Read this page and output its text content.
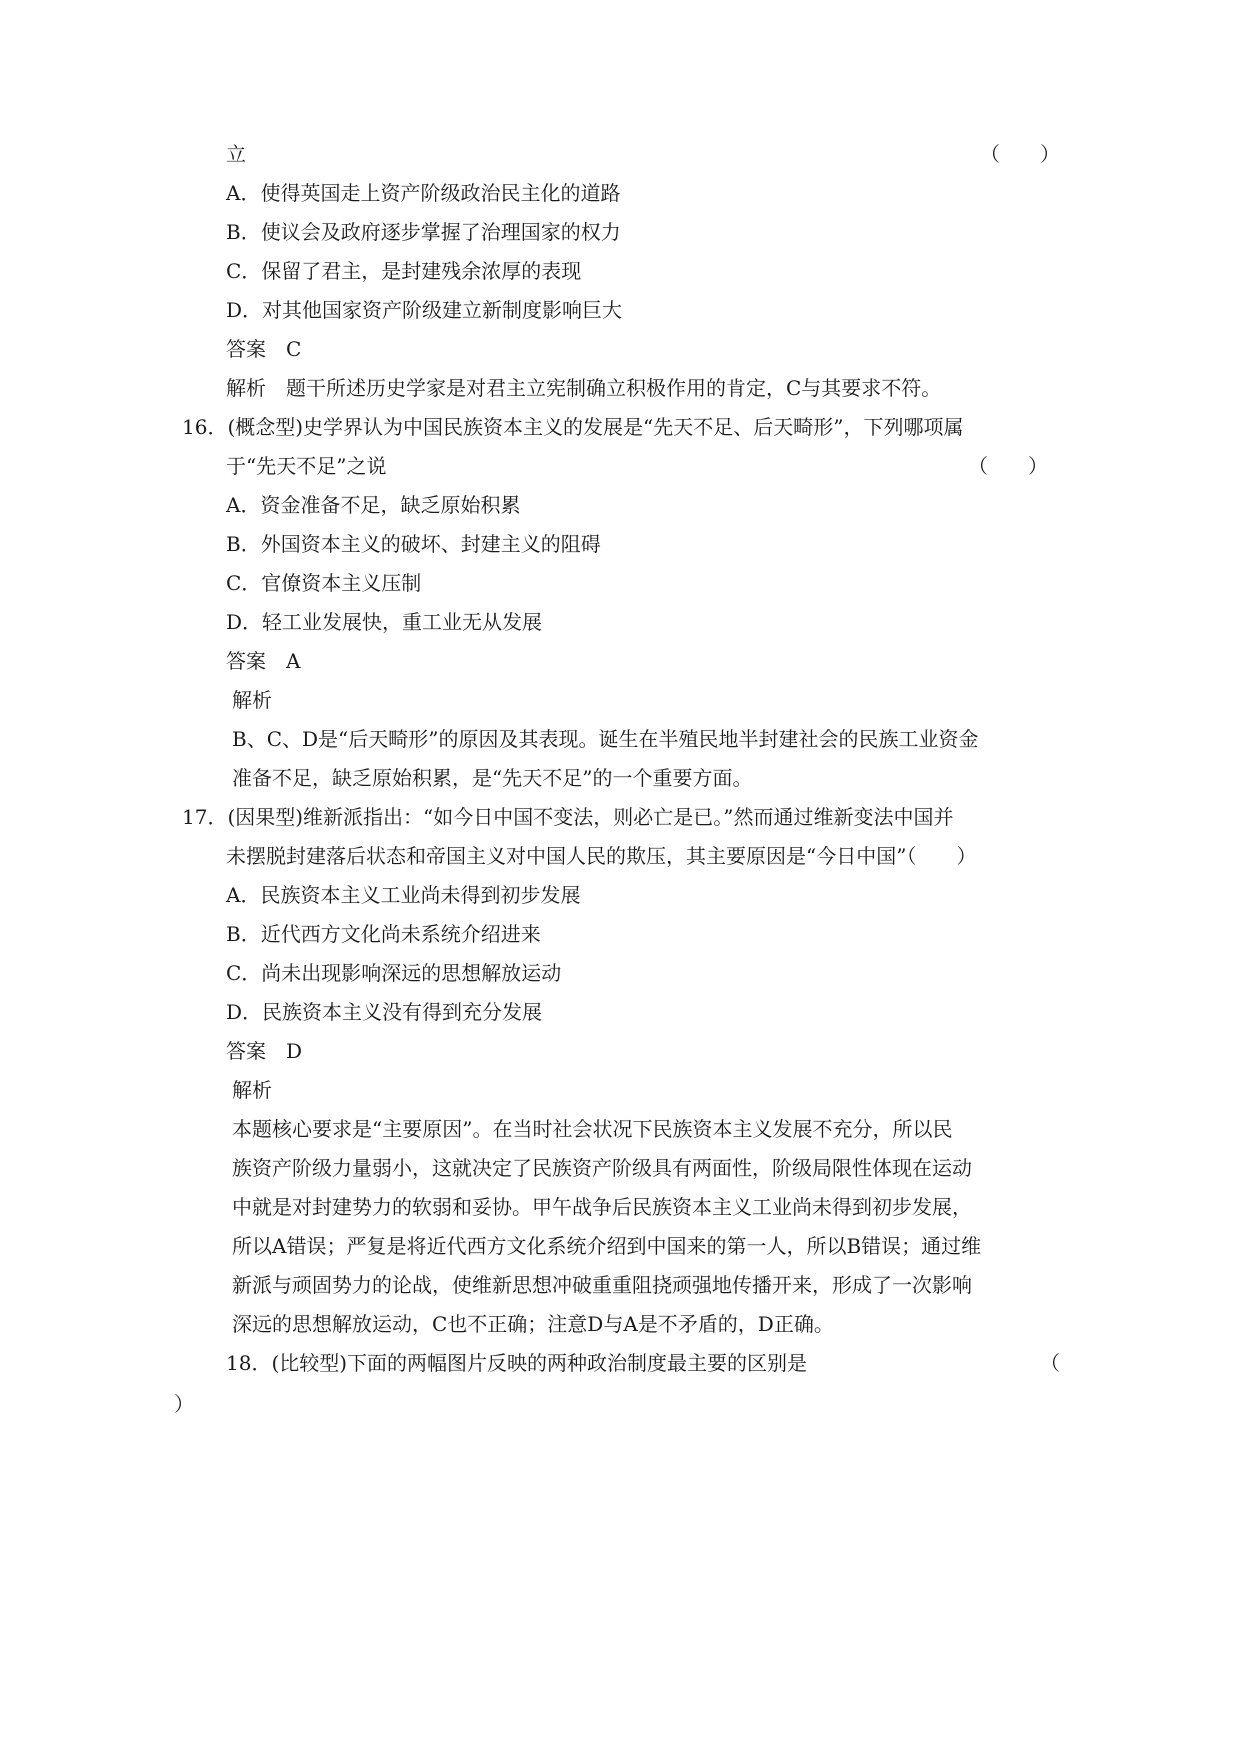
立	（　　）
A．使得英国走上资产阶级政治民主化的道路
B．使议会及政府逐步掌握了治理国家的权力
C．保留了君主，是封建残余浓厚的表现
D．对其他国家资产阶级建立新制度影响巨大
答案　C
解析　题干所述历史学家是对君主立宪制确立积极作用的肯定，C与其要求不符。
16．(概念型)史学界认为中国民族资本主义的发展是“先天不足、后天畸形”，下列哪项属
于“先天不足”之说	（　　）
A．资金准备不足，缺乏原始积累
B．外国资本主义的破坏、封建主义的阻碍
C．官僚资本主义压制
D．轻工业发展快，重工业无从发展
答案　A
解析
B、C、D是“后天畸形”的原因及其表现。诞生在半殖民地半封建社会的民族工业资金
准备不足，缺乏原始积累，是“先天不足”的一个重要方面。
17．(因果型)维新派指出：“如今日中国不变法，则必亡是已。”然而通过维新变法中国并
未摆脱封建落后状态和帝国主义对中国人民的欺压，其主要原因是“今日中国”（　　）
A．民族资本主义工业尚未得到初步发展
B．近代西方文化尚未系统介绍进来
C．尚未出现影响深远的思想解放运动
D．民族资本主义没有得到充分发展
答案　D
解析
本题核心要求是“主要原因”。在当时社会状况下民族资本主义发展不充分，所以民
族资产阶级力量弱小，这就决定了民族资产阶级具有两面性，阶级局限性体现在运动
中就是对封建势力的软弱和妥协。甲午战争后民族资本主义工业尚未得到初步发展，
所以A错误；严复是将近代西方文化系统介绍到中国来的第一人，所以B错误；通过维
新派与顽固势力的论战，使维新思想冲破重重阻挠顽强地传播开来，形成了一次影响
深远的思想解放运动，C也不正确；注意D与A是不矛盾的，D正确。
18．(比较型)下面的两幅图片反映的两种政治制度最主要的区别是	（
）
